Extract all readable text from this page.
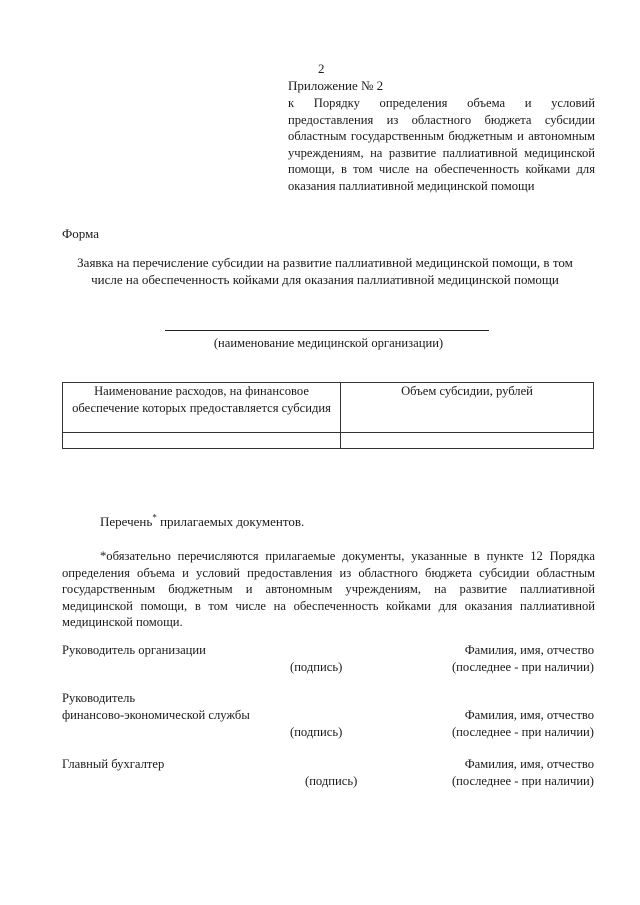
2
Приложение № 2
к Порядку определения объема и условий предоставления из областного бюджета субсидии областным государственным бюджетным и автономным учреждениям, на развитие паллиативной медицинской помощи, в том числе на обеспеченность койками для оказания паллиативной медицинской помощи
Форма
Заявка на перечисление субсидии на развитие паллиативной медицинской помощи, в том числе на обеспеченность койками для оказания паллиативной медицинской помощи
(наименование медицинской организации)
Наименование расходов, на финансовое обеспечение которых предоставляется субсидия	Объем субсидии, рублей

Перечень* прилагаемых документов.
*обязательно перечисляются прилагаемые документы, указанные в пункте 12 Порядка определения объема и условий предоставления из областного бюджета субсидии областным государственным бюджетным и автономным учреждениям, на развитие паллиативной медицинской помощи, в том числе на обеспеченность койками для оказания паллиативной медицинской помощи.
Руководитель организации
(подпись)
Фамилия, имя, отчество
(последнее - при наличии)
Руководитель
финансово-экономической службы
(подпись)
Фамилия, имя, отчество
(последнее - при наличии)
Главный бухгалтер
(подпись)
Фамилия, имя, отчество
(последнее - при наличии)
